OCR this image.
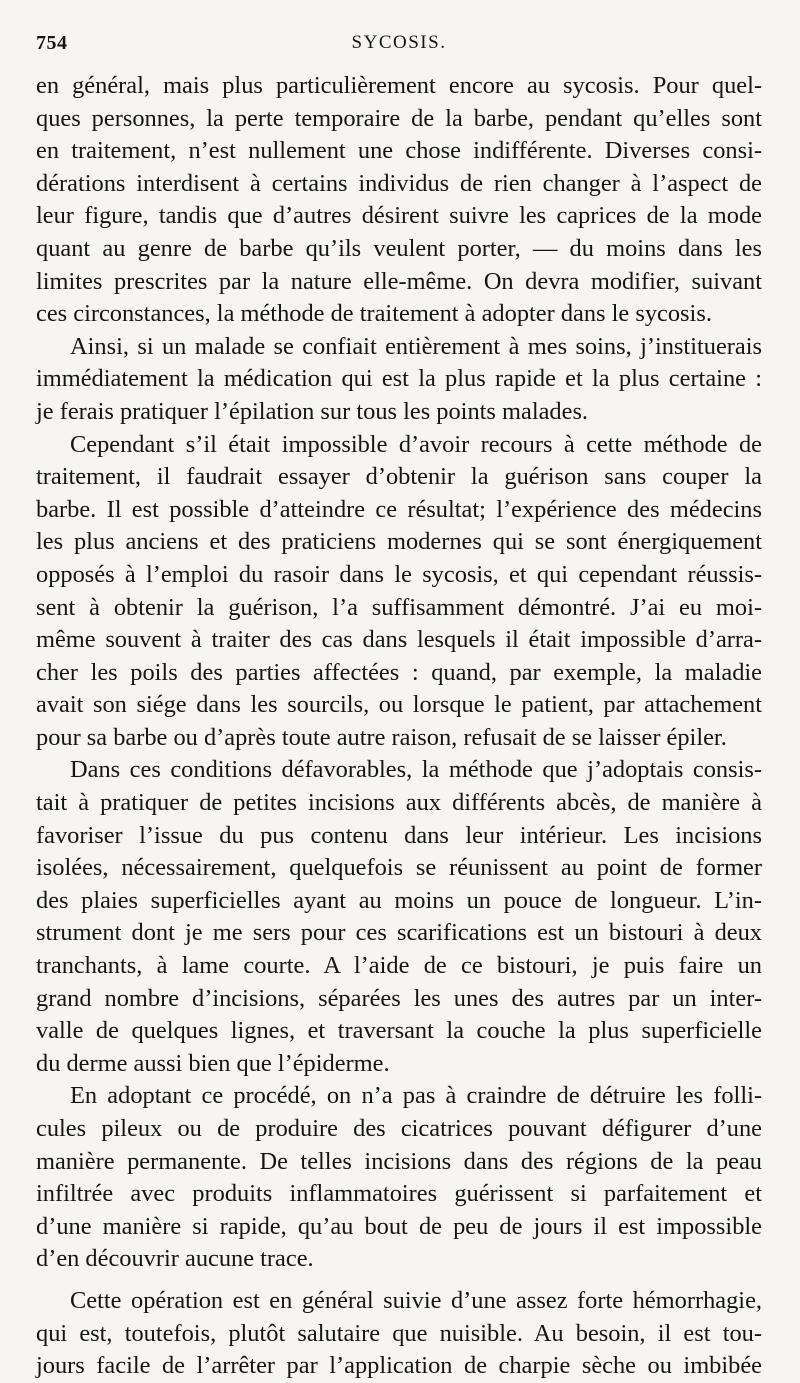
754	SYCOSIS.

en général, mais plus particulièrement encore au sycosis. Pour quel-
ques personnes, la perte temporaire de la barbe, pendant qu’elles sont
en traitement, n’est nullement une chose indifférente. Diverses consi-
dérations interdisent à certains individus de rien changer à l’aspect de
leur figure, tandis que d’autres désirent suivre les caprices de la mode
quant au genre de barbe qu’ils veulent porter, — du moins dans les
limites prescrites par la nature elle-même. On devra modifier, suivant
ces circonstances, la méthode de traitement à adopter dans le sycosis.

Ainsi, si un malade se confiait entièrement à mes soins, j’instituerais
immédiatement la médication qui est la plus rapide et la plus certaine :
je ferais pratiquer l’épilation sur tous les points malades.

Cependant s’il était impossible d’avoir recours à cette méthode de
traitement, il faudrait essayer d’obtenir la guérison sans couper la
barbe. Il est possible d’atteindre ce résultat; l’expérience des médecins
les plus anciens et des praticiens modernes qui se sont énergiquement
opposés à l’emploi du rasoir dans le sycosis, et qui cependant réussis-
sent à obtenir la guérison, l’a suffisamment démontré. J’ai eu moi-
même souvent à traiter des cas dans lesquels il était impossible d’arra-
cher les poils des parties affectées : quand, par exemple, la maladie
avait son siége dans les sourcils, ou lorsque le patient, par attachement
pour sa barbe ou d’après toute autre raison, refusait de se laisser épiler.

Dans ces conditions défavorables, la méthode que j’adoptais consis-
tait à pratiquer de petites incisions aux différents abcès, de manière à
favoriser l’issue du pus contenu dans leur intérieur. Les incisions
isolées, nécessairement, quelquefois se réunissent au point de former
des plaies superficielles ayant au moins un pouce de longueur. L’in-
strument dont je me sers pour ces scarifications est un bistouri à deux
tranchants, à lame courte. A l’aide de ce bistouri, je puis faire un
grand nombre d’incisions, séparées les unes des autres par un inter-
valle de quelques lignes, et traversant la couche la plus superficielle
du derme aussi bien que l’épiderme.

En adoptant ce procédé, on n’a pas à craindre de détruire les folli-
cules pileux ou de produire des cicatrices pouvant défigurer d’une
manière permanente. De telles incisions dans des régions de la peau
infiltrée avec produits inflammatoires guérissent si parfaitement et
d’une manière si rapide, qu’au bout de peu de jours il est impossible
d’en découvrir aucune trace.

Cette opération est en général suivie d’une assez forte hémorrhagie,
qui est, toutefois, plutôt salutaire que nuisible. Au besoin, il est tou-
jours facile de l’arrêter par l’application de charpie sèche ou imbibée
